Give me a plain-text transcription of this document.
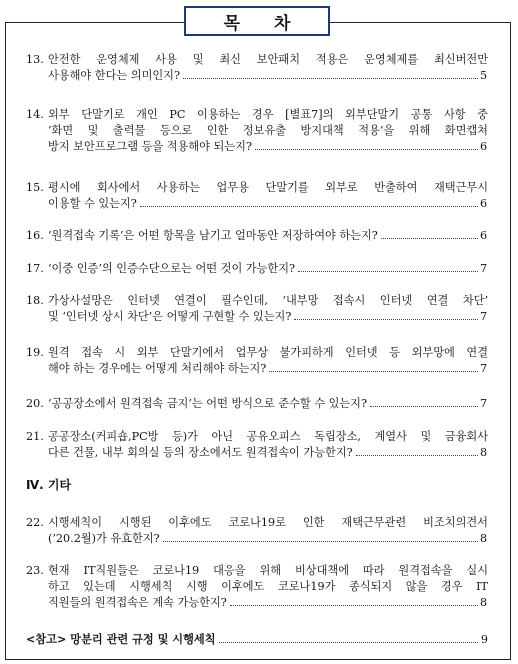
목 차
13. 안전한 운영체제 사용 및 최신 보안패치 적용은 운영체제를 최신버전만
사용해야 한다는 의미인지?	5
14. 외부 단말기로 개인 PC 이용하는 경우 [별표7]의 외부단말기 공통 사항 중
‘화면 및 출력물 등으로 인한 정보유출 방지대책 적용’을 위해 화면캡쳐
방지 보안프로그램 등을 적용해야 되는지?	6
15. 평시에 회사에서 사용하는 업무용 단말기를 외부로 반출하여 재택근무시
이용할 수 있는지?	6
16. ‘원격접속 기록’은 어떤 항목을 남기고 얼마동안 저장하여야 하는지?	6
17. ‘이중 인증’의 인증수단으로는 어떤 것이 가능한지?	7
18. 가상사설망은 인터넷 연결이 필수인데, ‘내부망 접속시 인터넷 연결 차단’
및 ‘인터넷 상시 차단’은 어떻게 구현할 수 있는지?	7
19. 원격 접속 시 외부 단말기에서 업무상 불가피하게 인터넷 등 외부망에 연결
해야 하는 경우에는 어떻게 처리해야 하는지?	7
20. ‘공공장소에서 원격접속 금지’는 어떤 방식으로 준수할 수 있는지?	7
21. 공공장소(커피숍,PC방 등)가 아닌 공유오피스 독립장소, 계열사 및 금융회사
다른 건물, 내부 회의실 등의 장소에서도 원격접속이 가능한지?	8
22. 시행세칙이 시행된 이후에도 코로나19로 인한 재택근무관련 비조치의견서
(’20.2월)가 유효한지?	8
23. 현재 IT직원들은 코로나19 대응을 위해 비상대책에 따라 원격접속을 실시
하고 있는데 시행세칙 시행 이후에도 코로나19가 종식되지 않을 경우 IT
직원들의 원격접속은 계속 가능한지?	8
Ⅳ. 기타
<참고> 망분리 관련 규정 및 시행세칙	9
